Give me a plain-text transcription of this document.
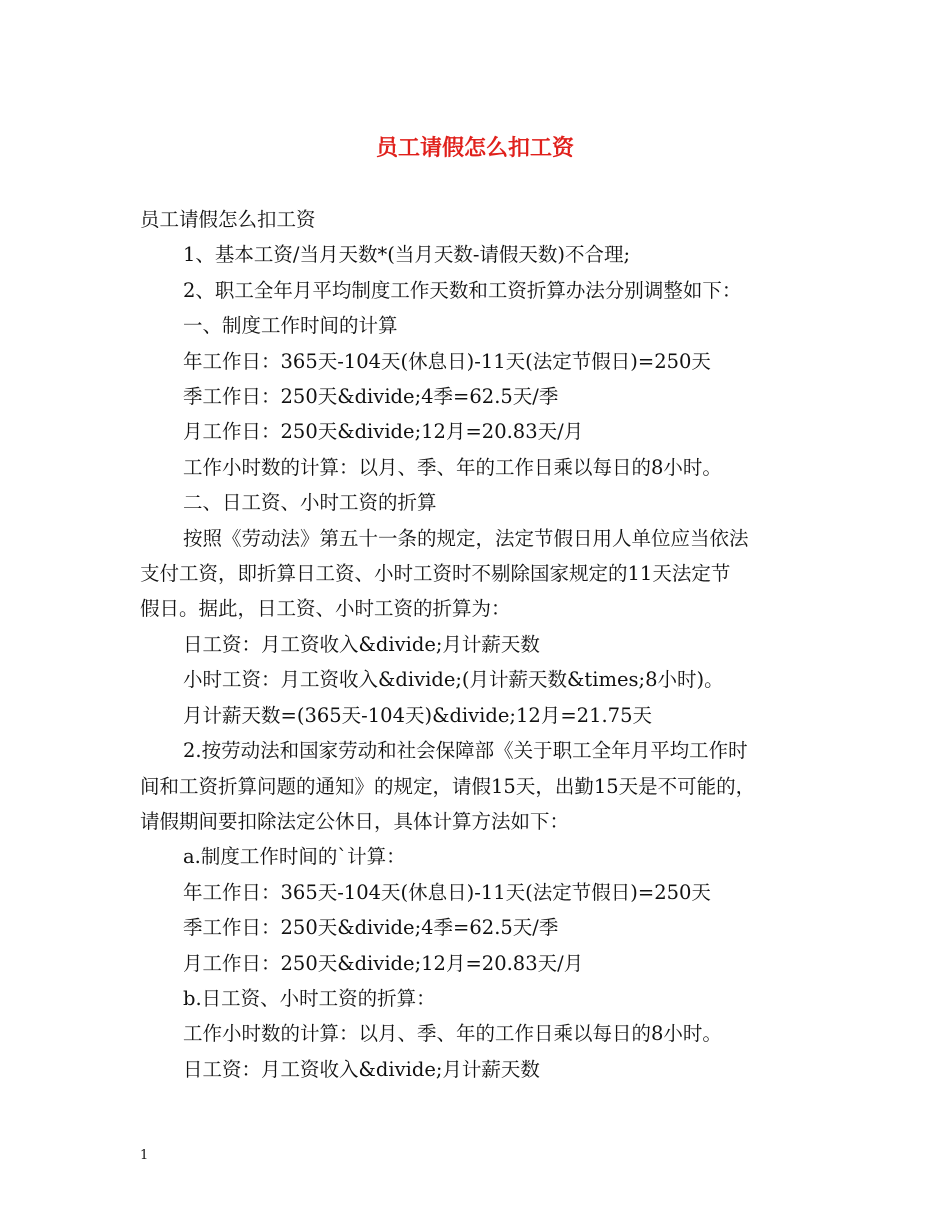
员工请假怎么扣工资

员工请假怎么扣工资

1、基本工资/当月天数*(当月天数-请假天数)不合理;

2、职工全年月平均制度工作天数和工资折算办法分别调整如下：

一、制度工作时间的计算

年工作日：365天-104天(休息日)-11天(法定节假日)=250天

季工作日：250天&divide;4季=62.5天/季

月工作日：250天&divide;12月=20.83天/月

工作小时数的计算：以月、季、年的工作日乘以每日的8小时。

二、日工资、小时工资的折算

按照《劳动法》第五十一条的规定，法定节假日用人单位应当依法

支付工资，即折算日工资、小时工资时不剔除国家规定的11天法定节

假日。据此，日工资、小时工资的折算为：

日工资：月工资收入&divide;月计薪天数

小时工资：月工资收入&divide;(月计薪天数&times;8小时)。

月计薪天数=(365天-104天)&divide;12月=21.75天

2.按劳动法和国家劳动和社会保障部《关于职工全年月平均工作时

间和工资折算问题的通知》的规定，请假15天，出勤15天是不可能的，

请假期间要扣除法定公休日，具体计算方法如下：

a.制度工作时间的`计算：

年工作日：365天-104天(休息日)-11天(法定节假日)=250天

季工作日：250天&divide;4季=62.5天/季

月工作日：250天&divide;12月=20.83天/月

b.日工资、小时工资的折算：

工作小时数的计算：以月、季、年的工作日乘以每日的8小时。

日工资：月工资收入&divide;月计薪天数

1
